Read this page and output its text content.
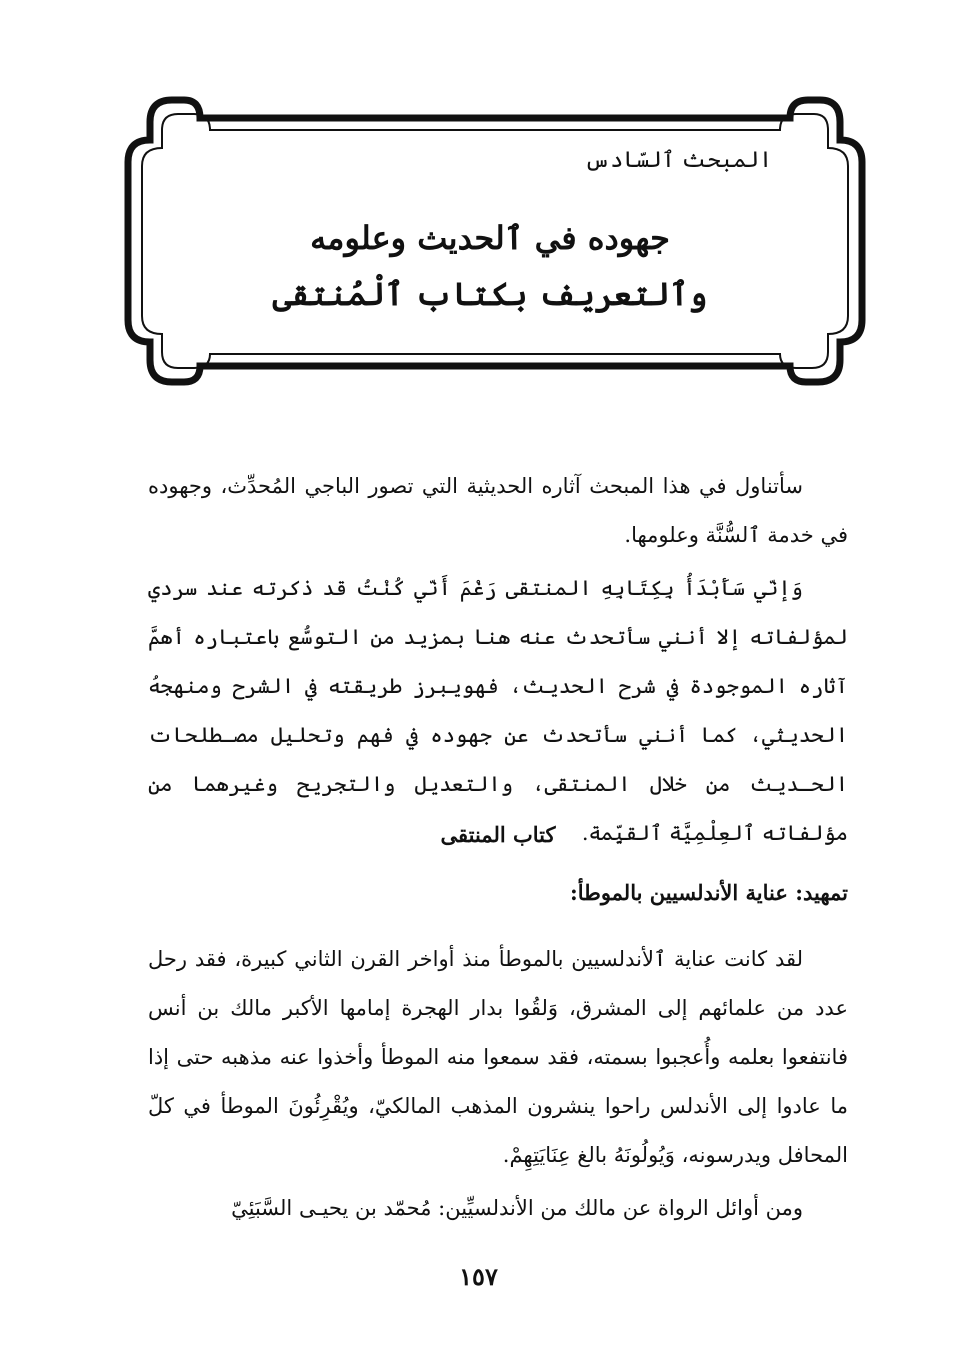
المبحث ٱلسّادس
جهوده في ٱلحديث وعلومه
وٱلتعريف بكتاب ٱلْمُنتقى

سأتناول في هذا المبحث آثاره الحديثية التي تصور الباجي المُحدِّث، وجهوده في خدمة ٱلسُّنَّة وعلومها.

وَإنّي سَأَبْدَأُ بِكِتَابِهِ المنتقى رَغْمَ أَنّي كُنْتُ قد ذكرته عند سردي لمؤلفاته إلا أنني سأتحدث عنه هنا بمزيد من التوسُّع باعتباره أهمَّ آثاره الموجودة في شرح الحديث، فهويبرز طريقته في الشرح ومنهجهُ الحديثي، كما أنني سأتحدث عن جهوده في فهم وتحليل مصـطلحات الحـديث من خلال المنتقى، والتعديل والتجريح وغيرهما من مؤلفاته ٱلعِلْمِيَّة ٱلقيِّمة.

كتاب المنتقى
تمهيد: عناية الأندلسيين بالموطأ:

لقد كانت عناية ٱلأندلسيين بالموطأ منذ أواخر القرن الثاني كبيرة، فقد رحل عدد من علمائهم إلى المشرق، وَلقُوا بدار الهجرة إمامها الأكبر مالك بن أنس فانتفعوا بعلمه وأُعجبوا بسمته، فقد سمعوا منه الموطأ وأخذوا عنه مذهبه حتى إذا ما عادوا إلى الأندلس راحوا ينشرون المذهب المالكيّ، ويُقْرِئُونَ الموطأ في كلّ المحافل ويدرسونه، وَيُولُونَهُ بالغ عِنَايَتِهِمْ.

ومن أوائل الرواة عن مالك من الأندلسيِّين: مُحمّد بن يحيـى السَّبَئِيّ

١٥٧
